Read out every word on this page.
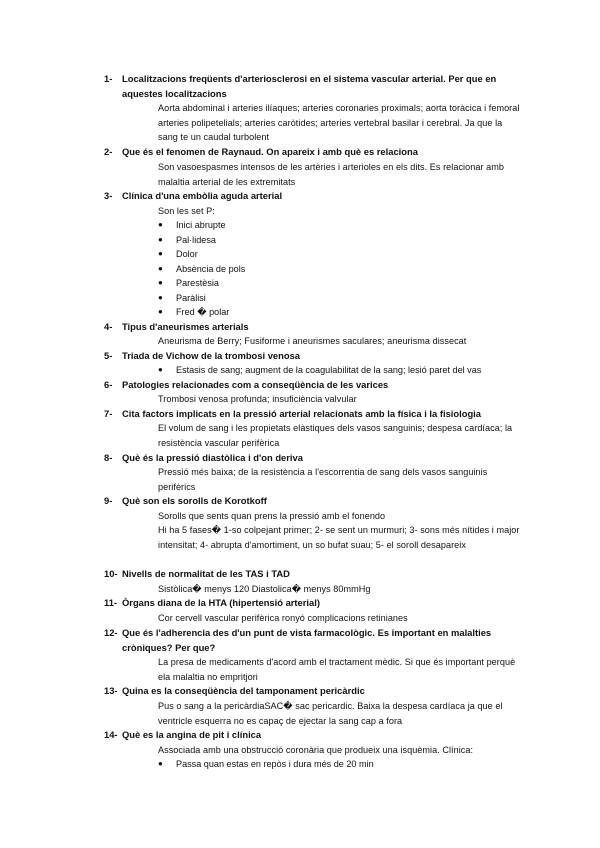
1-	Localitzacions freqüents d'arteriosclerosi en el sistema vascular arterial. Per que en aquestes localitzacions

Aorta abdominal i arteries ilíaques; arteries coronaries proximals; aorta toràcica i femoral arteries polipetelials; arteries caròtides; arteries vertebral basilar i cerebral. Ja que la sang te un caudal turbolent

2-	Que és el fenomen de Raynaud. On apareix i amb què es relaciona

Son vasoespasmes intensos de les artèries i arterioles en els dits. Es relacionar amb malaltia arterial de les extremitats

3-	Clínica d'una embòlia aguda arterial

Son les set P:

●	Inici abrupte
●	Pal·lidesa
●	Dolor
●	Absència de pols
●	Parestèsia
●	Paràlisi
●	Fred � polar
4-	Tipus d'aneurismes arterials

Aneurisma de Berry; Fusiforme i aneurismes saculares; aneurisma dissecat

5-	Triada de Vichow de la trombosi venosa
●	Estasis de sang; augment de la coagulabilitat de la sang; lesió paret del vas
6-	Patologies relacionades com a conseqüència de les varices

Trombosi venosa profunda; insuficiència valvular

7-	Cita factors implicats en la pressió arterial relacionats amb la física i la fisiologia

El volum de sang i les propietats elàstiques dels vasos sanguinis; despesa cardíaca; la resistència vascular perifèrica

8-	Què és la pressió diastòlica i d'on deriva

Pressió més baixa; de la resistència a l'escorrentia de sang dels vasos sanguinis perifèrics

9-	Què son els sorolls de Korotkoff

Sorolls que sents quan prens la pressió amb el fonendo

Hi ha 5 fases� 1-so colpejant primer; 2- se sent un murmuri; 3- sons més nítides i major intensitat; 4- abrupta d'amortiment, un so bufat suau; 5- el soroll desapareix

10- Nivells de normalitat de les TAS i TAD

Sistòlica� menys 120 Diastolica� menys 80mmHg

11- Òrgans diana de la HTA (hipertensió arterial)

Cor cervell vascular perifèrica ronyó complicacions retinianes

12- Que és l'adherencia des d'un punt de vista farmacològic. Es important en malalties cròniques? Per que?

La presa de medicaments d'acord amb el tractament mèdic. Si que és important perquè ela malaltia no empritjori

13- Quina es la conseqüència del tamponament pericàrdic

Pus o sang a la pericàrdiaSAC� sac pericardic. Baixa la despesa cardíaca ja que el ventricle esquerra no es capaç de ejectar la sang cap a fora

14- Què es la angina de pit i clínica

Associada amb una obstrucció coronària que produeix una isquèmia. Clínica:

●	Passa quan estas en repòs i dura més de 20 min
